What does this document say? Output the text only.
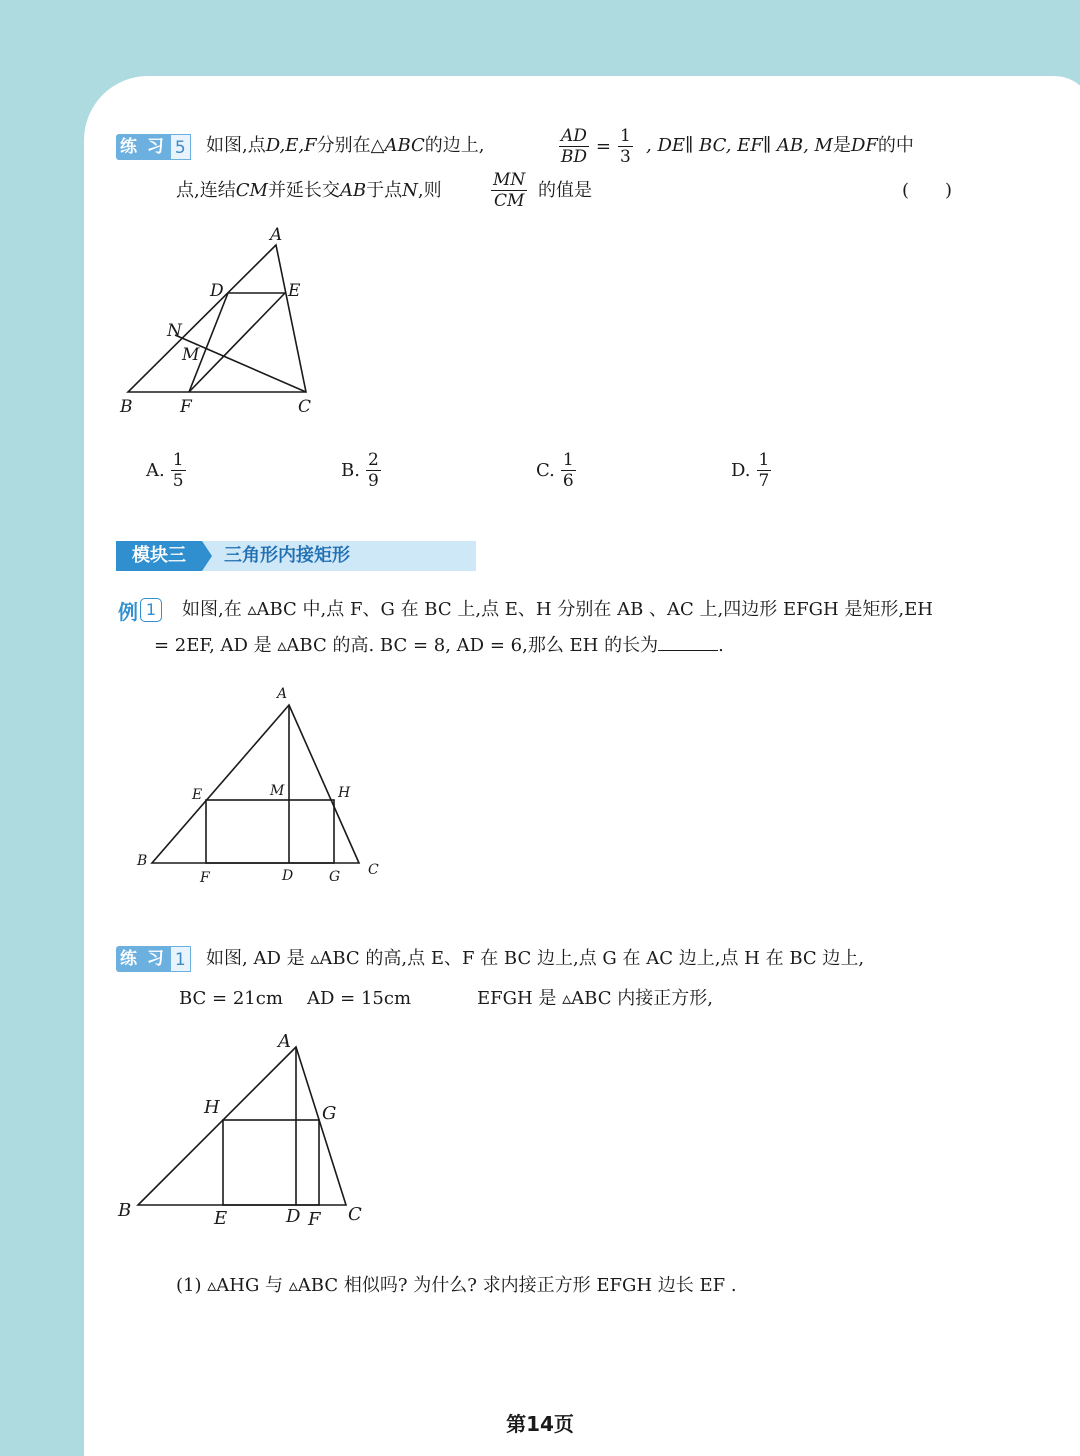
练 习 5 如图,点D,E,F分别在△ABC的边上,	$\frac{AD}{BD} = \frac{1}{3}$ , DE∥ BC, EF∥ AB, M是DF的中
点,连结CM并延长交AB于点N,则	$\frac{MN}{CM}$ 的值是	(　　)
A
D	E
N
M
B	F	C
A. $\frac{1}{5}$	B. $\frac{2}{9}$	C. $\frac{1}{6}$	D. $\frac{1}{7}$
模块三	三角形内接矩形
例 1	如图,在 ▵ABC 中,点 F、G 在 BC 上,点 E、H 分别在 AB 、AC 上,四边形 EFGH 是矩形,EH
= 2EF, AD 是 ▵ABC 的高. BC = 8, AD = 6,那么 EH 的长为	.
A
E	M	H
B
F	D	G C
练 习 1 如图, AD 是 ▵ABC 的高,点 E、F 在 BC 边上,点 G 在 AC 边上,点 H 在 BC 边上,
BC = 21cm AD = 15cm	EFGH 是 ▵ABC 内接正方形,
A
H	G
B	E	D F C
(1) ▵AHG 与 ▵ABC 相似吗? 为什么? 求内接正方形 EFGH 边长 EF .
第14页
